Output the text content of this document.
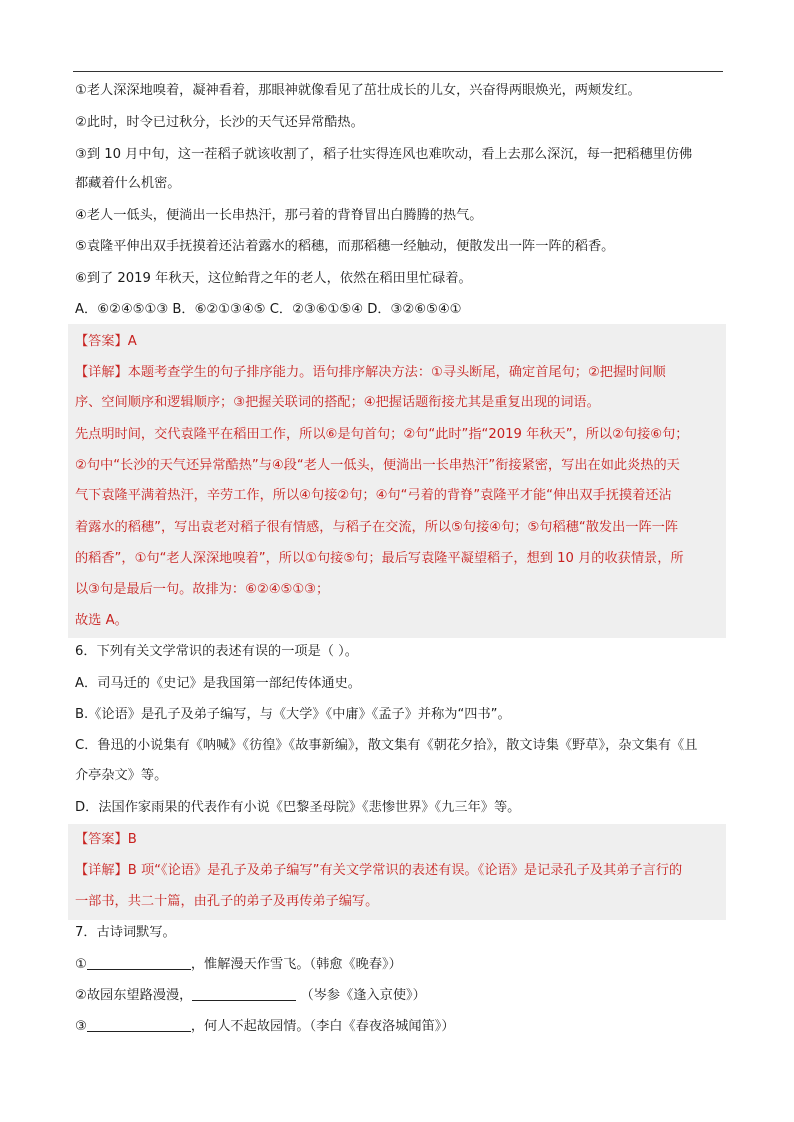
①老人深深地嗅着，凝神看着，那眼神就像看见了茁壮成长的儿女，兴奋得两眼焕光，两颊发红。
②此时，时令已过秋分，长沙的天气还异常酷热。
③到 10 月中旬，这一茬稻子就该收割了，稻子壮实得连风也难吹动，看上去那么深沉，每一把稻穗里仿佛
都藏着什么机密。
④老人一低头，便淌出一长串热汗，那弓着的背脊冒出白腾腾的热气。
⑤袁隆平伸出双手抚摸着还沾着露水的稻穗，而那稻穗一经触动，便散发出一阵一阵的稻香。
⑥到了 2019 年秋天，这位鲐背之年的老人，依然在稻田里忙碌着。
A．⑥②④⑤①③ B．⑥②①③④⑤ C．②③⑥①⑤④ D．③②⑥⑤④①
【答案】A
【详解】本题考查学生的句子排序能力。语句排序解决方法：①寻头断尾，确定首尾句；②把握时间顺
序、空间顺序和逻辑顺序；③把握关联词的搭配；④把握话题衔接尤其是重复出现的词语。
先点明时间，交代袁隆平在稻田工作，所以⑥是句首句；②句“此时”指“2019 年秋天”，所以②句接⑥句；
②句中“长沙的天气还异常酷热”与④段“老人一低头，便淌出一长串热汗”衔接紧密，写出在如此炎热的天
气下袁隆平满着热汗，辛劳工作，所以④句接②句；④句“弓着的背脊”袁隆平才能“伸出双手抚摸着还沾
着露水的稻穗”，写出袁老对稻子很有情感，与稻子在交流，所以⑤句接④句；⑤句稻穗“散发出一阵一阵
的稻香”，①句“老人深深地嗅着”，所以①句接⑤句；最后写袁隆平凝望稻子，想到 10 月的收获情景，所
以③句是最后一句。故排为：⑥②④⑤①③；
故选 A。
6．下列有关文学常识的表述有误的一项是（ ）。
A．司马迁的《史记》是我国第一部纪传体通史。
B.《论语》是孔子及弟子编写，与《大学》《中庸》《孟子》并称为“四书”。
C．鲁迅的小说集有《呐喊》《彷徨》《故事新编》，散文集有《朝花夕拾》，散文诗集《野草》，杂文集有《且
介亭杂文》等。
D．法国作家雨果的代表作有小说《巴黎圣母院》《悲惨世界》《九三年》等。
【答案】B
【详解】B 项“《论语》是孔子及弟子编写”有关文学常识的表述有误。《论语》是记录孔子及其弟子言行的
一部书，共二十篇，由孔子的弟子及再传弟子编写。
7．古诗词默写。
①	，惟解漫天作雪飞。（韩愈《晚春》）
②故园东望路漫漫，	（岑参《逢入京使》）
③	，何人不起故园情。（李白《春夜洛城闻笛》）
